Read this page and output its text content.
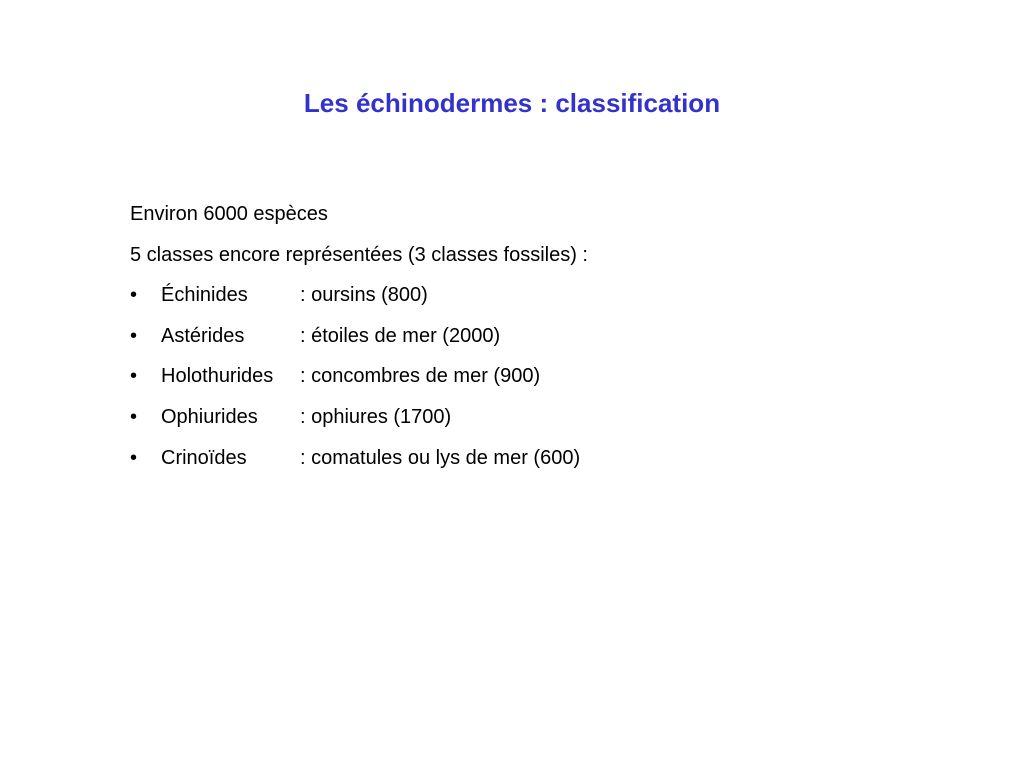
Les échinodermes : classification
Environ 6000 espèces
5 classes encore représentées (3 classes fossiles) :
•	Échinides	: oursins (800)
•	Astérides	: étoiles de mer (2000)
•	Holothurides	: concombres de mer (900)
•	Ophiurides	: ophiures (1700)
•	Crinoïdes	: comatules ou lys de mer (600)
